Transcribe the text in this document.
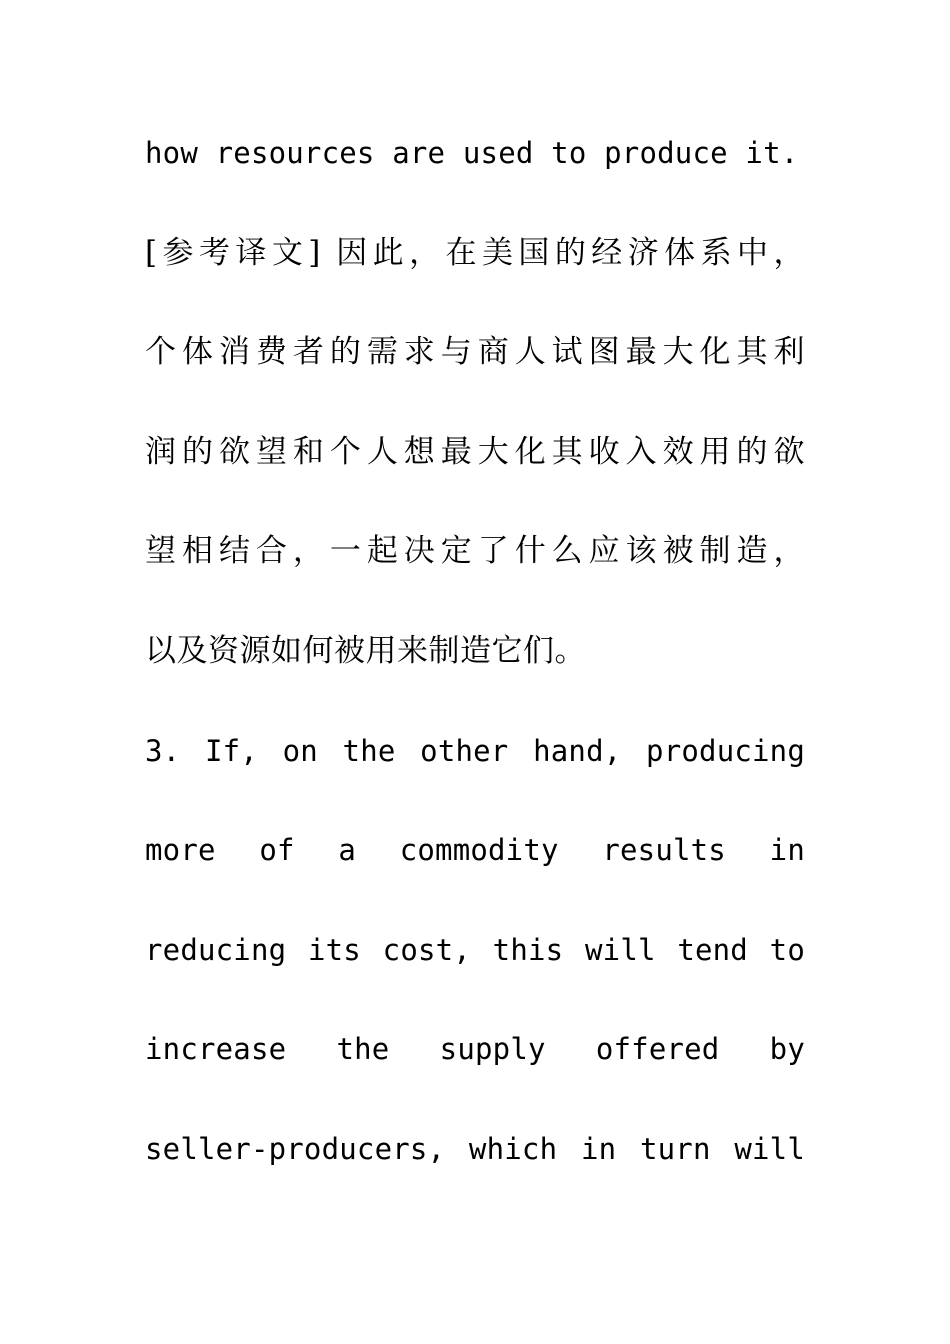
how resources are used to produce it.
[参考译文] 因此，在美国的经济体系中，
个体消费者的需求与商人试图最大化其利
润的欲望和个人想最大化其收入效用的欲
望相结合，一起决定了什么应该被制造，
以及资源如何被用来制造它们。
3. If, on the other hand, producing
more of a commodity results in
reducing its cost, this will tend to
increase the supply offered by
seller-producers, which in turn will
